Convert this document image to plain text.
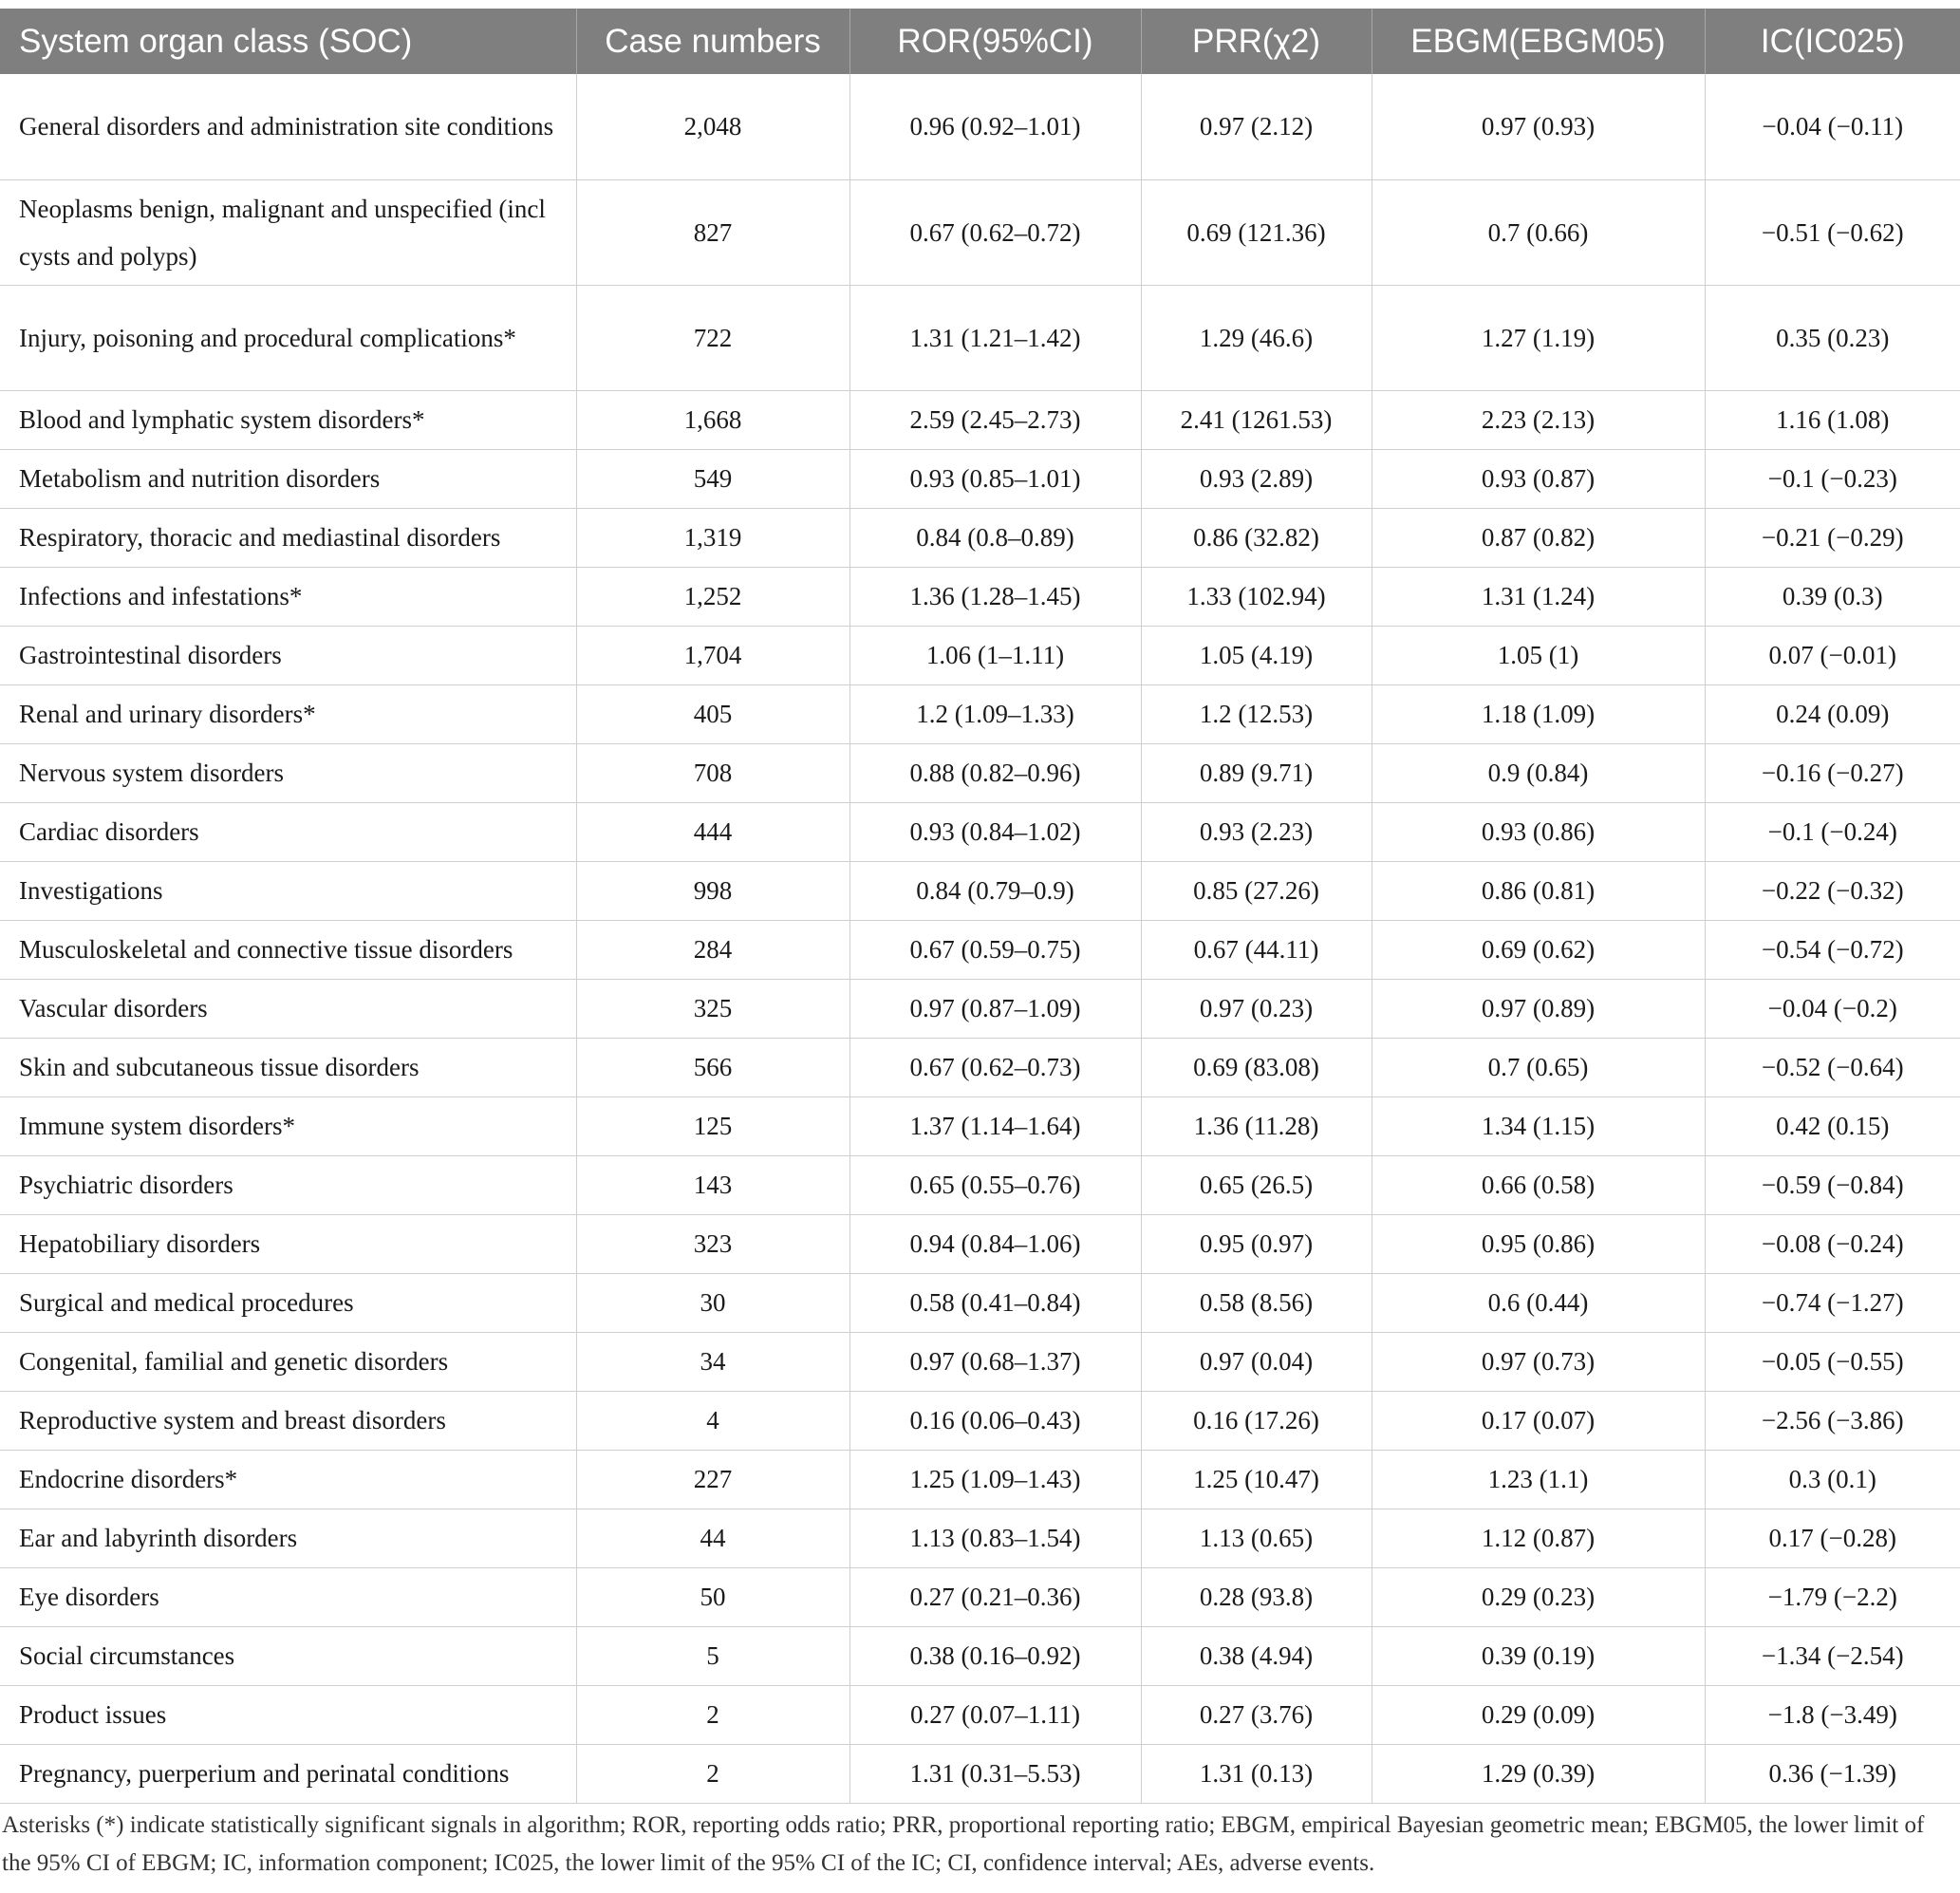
System organ class (SOC)	Case numbers	ROR(95%CI)	PRR(χ2)	EBGM(EBGM05)	IC(IC025)
General disorders and administration site conditions	2,048	0.96 (0.92–1.01)	0.97 (2.12)	0.97 (0.93)	−0.04 (−0.11)
Neoplasms benign, malignant and unspecified (incl cysts and polyps)	827	0.67 (0.62–0.72)	0.69 (121.36)	0.7 (0.66)	−0.51 (−0.62)
Injury, poisoning and procedural complications*	722	1.31 (1.21–1.42)	1.29 (46.6)	1.27 (1.19)	0.35 (0.23)
Blood and lymphatic system disorders*	1,668	2.59 (2.45–2.73)	2.41 (1261.53)	2.23 (2.13)	1.16 (1.08)
Metabolism and nutrition disorders	549	0.93 (0.85–1.01)	0.93 (2.89)	0.93 (0.87)	−0.1 (−0.23)
Respiratory, thoracic and mediastinal disorders	1,319	0.84 (0.8–0.89)	0.86 (32.82)	0.87 (0.82)	−0.21 (−0.29)
Infections and infestations*	1,252	1.36 (1.28–1.45)	1.33 (102.94)	1.31 (1.24)	0.39 (0.3)
Gastrointestinal disorders	1,704	1.06 (1–1.11)	1.05 (4.19)	1.05 (1)	0.07 (−0.01)
Renal and urinary disorders*	405	1.2 (1.09–1.33)	1.2 (12.53)	1.18 (1.09)	0.24 (0.09)
Nervous system disorders	708	0.88 (0.82–0.96)	0.89 (9.71)	0.9 (0.84)	−0.16 (−0.27)
Cardiac disorders	444	0.93 (0.84–1.02)	0.93 (2.23)	0.93 (0.86)	−0.1 (−0.24)
Investigations	998	0.84 (0.79–0.9)	0.85 (27.26)	0.86 (0.81)	−0.22 (−0.32)
Musculoskeletal and connective tissue disorders	284	0.67 (0.59–0.75)	0.67 (44.11)	0.69 (0.62)	−0.54 (−0.72)
Vascular disorders	325	0.97 (0.87–1.09)	0.97 (0.23)	0.97 (0.89)	−0.04 (−0.2)
Skin and subcutaneous tissue disorders	566	0.67 (0.62–0.73)	0.69 (83.08)	0.7 (0.65)	−0.52 (−0.64)
Immune system disorders*	125	1.37 (1.14–1.64)	1.36 (11.28)	1.34 (1.15)	0.42 (0.15)
Psychiatric disorders	143	0.65 (0.55–0.76)	0.65 (26.5)	0.66 (0.58)	−0.59 (−0.84)
Hepatobiliary disorders	323	0.94 (0.84–1.06)	0.95 (0.97)	0.95 (0.86)	−0.08 (−0.24)
Surgical and medical procedures	30	0.58 (0.41–0.84)	0.58 (8.56)	0.6 (0.44)	−0.74 (−1.27)
Congenital, familial and genetic disorders	34	0.97 (0.68–1.37)	0.97 (0.04)	0.97 (0.73)	−0.05 (−0.55)
Reproductive system and breast disorders	4	0.16 (0.06–0.43)	0.16 (17.26)	0.17 (0.07)	−2.56 (−3.86)
Endocrine disorders*	227	1.25 (1.09–1.43)	1.25 (10.47)	1.23 (1.1)	0.3 (0.1)
Ear and labyrinth disorders	44	1.13 (0.83–1.54)	1.13 (0.65)	1.12 (0.87)	0.17 (−0.28)
Eye disorders	50	0.27 (0.21–0.36)	0.28 (93.8)	0.29 (0.23)	−1.79 (−2.2)
Social circumstances	5	0.38 (0.16–0.92)	0.38 (4.94)	0.39 (0.19)	−1.34 (−2.54)
Product issues	2	0.27 (0.07–1.11)	0.27 (3.76)	0.29 (0.09)	−1.8 (−3.49)
Pregnancy, puerperium and perinatal conditions	2	1.31 (0.31–5.53)	1.31 (0.13)	1.29 (0.39)	0.36 (−1.39)
Asterisks (*) indicate statistically significant signals in algorithm; ROR, reporting odds ratio; PRR, proportional reporting ratio; EBGM, empirical Bayesian geometric mean; EBGM05, the lower limit of the 95% CI of EBGM; IC, information component; IC025, the lower limit of the 95% CI of the IC; CI, confidence interval; AEs, adverse events.
